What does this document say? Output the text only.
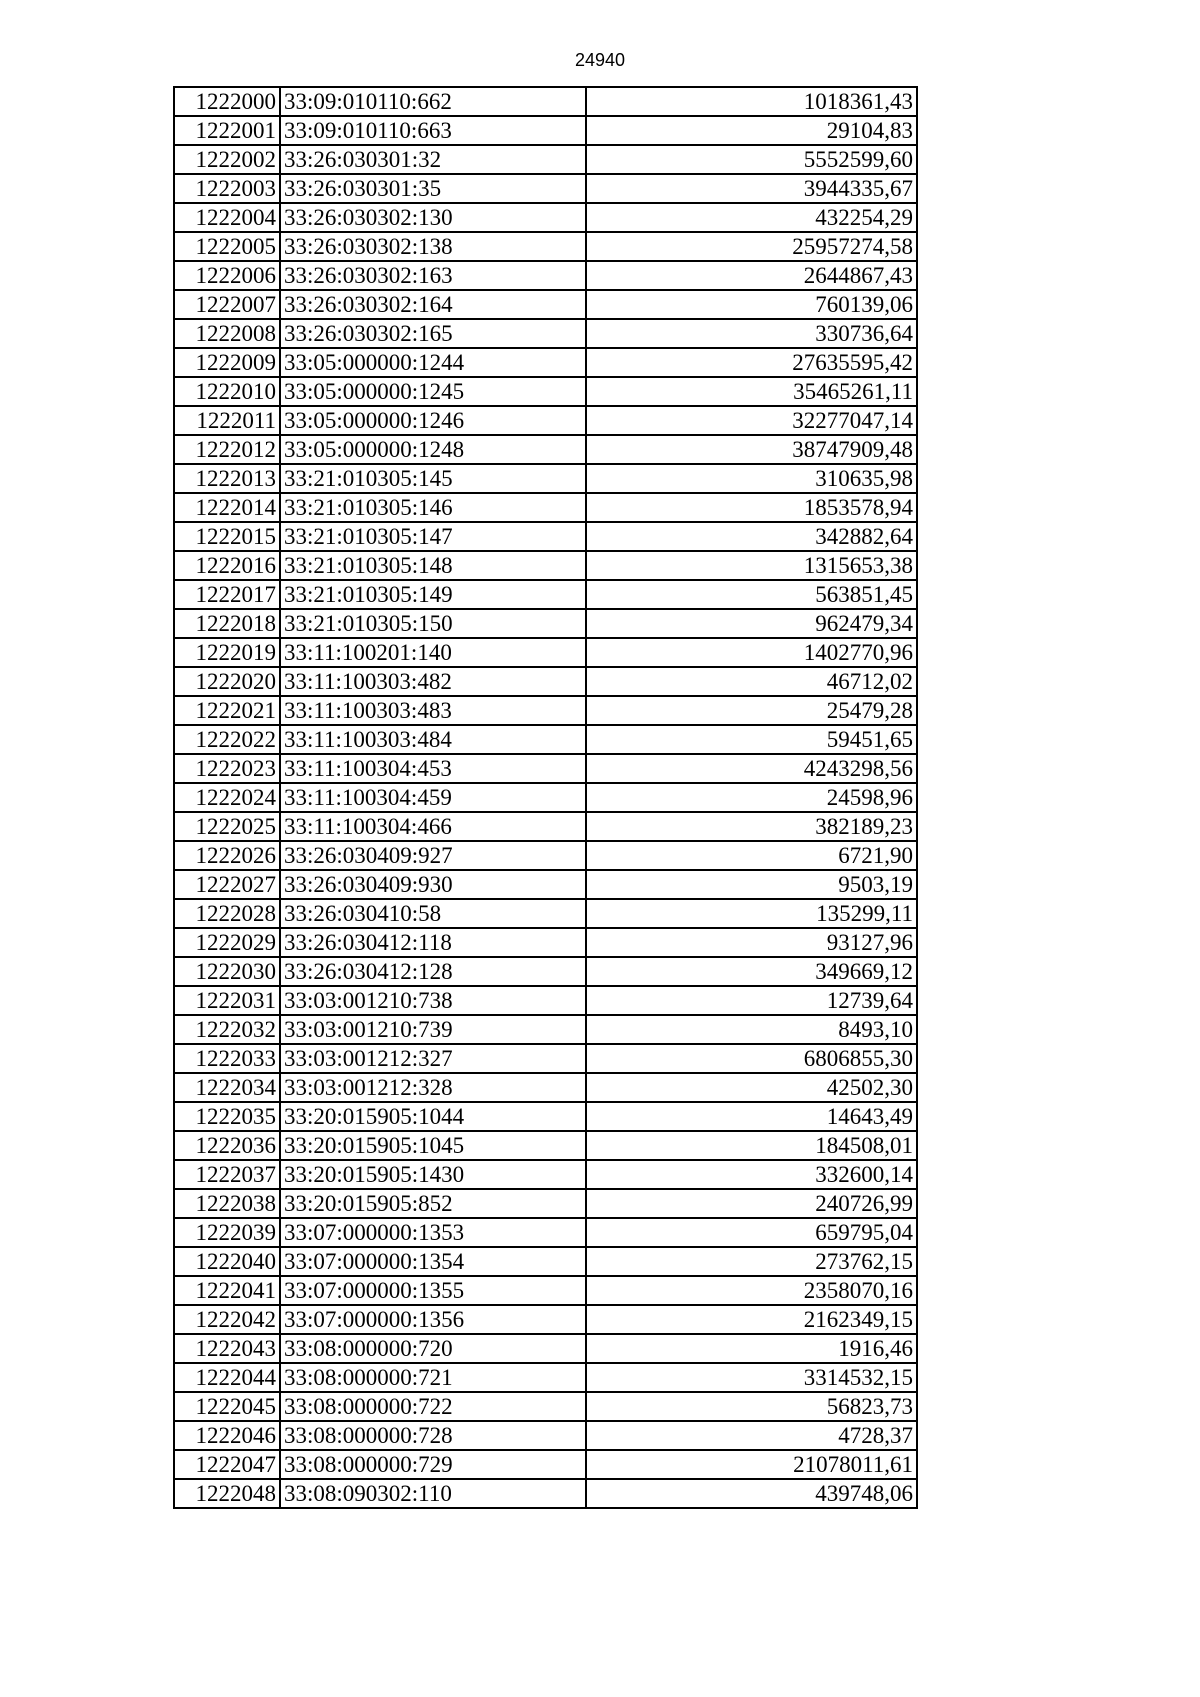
24940
1222000	33:09:010110:662	1018361,43
1222001	33:09:010110:663	29104,83
1222002	33:26:030301:32	5552599,60
1222003	33:26:030301:35	3944335,67
1222004	33:26:030302:130	432254,29
1222005	33:26:030302:138	25957274,58
1222006	33:26:030302:163	2644867,43
1222007	33:26:030302:164	760139,06
1222008	33:26:030302:165	330736,64
1222009	33:05:000000:1244	27635595,42
1222010	33:05:000000:1245	35465261,11
1222011	33:05:000000:1246	32277047,14
1222012	33:05:000000:1248	38747909,48
1222013	33:21:010305:145	310635,98
1222014	33:21:010305:146	1853578,94
1222015	33:21:010305:147	342882,64
1222016	33:21:010305:148	1315653,38
1222017	33:21:010305:149	563851,45
1222018	33:21:010305:150	962479,34
1222019	33:11:100201:140	1402770,96
1222020	33:11:100303:482	46712,02
1222021	33:11:100303:483	25479,28
1222022	33:11:100303:484	59451,65
1222023	33:11:100304:453	4243298,56
1222024	33:11:100304:459	24598,96
1222025	33:11:100304:466	382189,23
1222026	33:26:030409:927	6721,90
1222027	33:26:030409:930	9503,19
1222028	33:26:030410:58	135299,11
1222029	33:26:030412:118	93127,96
1222030	33:26:030412:128	349669,12
1222031	33:03:001210:738	12739,64
1222032	33:03:001210:739	8493,10
1222033	33:03:001212:327	6806855,30
1222034	33:03:001212:328	42502,30
1222035	33:20:015905:1044	14643,49
1222036	33:20:015905:1045	184508,01
1222037	33:20:015905:1430	332600,14
1222038	33:20:015905:852	240726,99
1222039	33:07:000000:1353	659795,04
1222040	33:07:000000:1354	273762,15
1222041	33:07:000000:1355	2358070,16
1222042	33:07:000000:1356	2162349,15
1222043	33:08:000000:720	1916,46
1222044	33:08:000000:721	3314532,15
1222045	33:08:000000:722	56823,73
1222046	33:08:000000:728	4728,37
1222047	33:08:000000:729	21078011,61
1222048	33:08:090302:110	439748,06
